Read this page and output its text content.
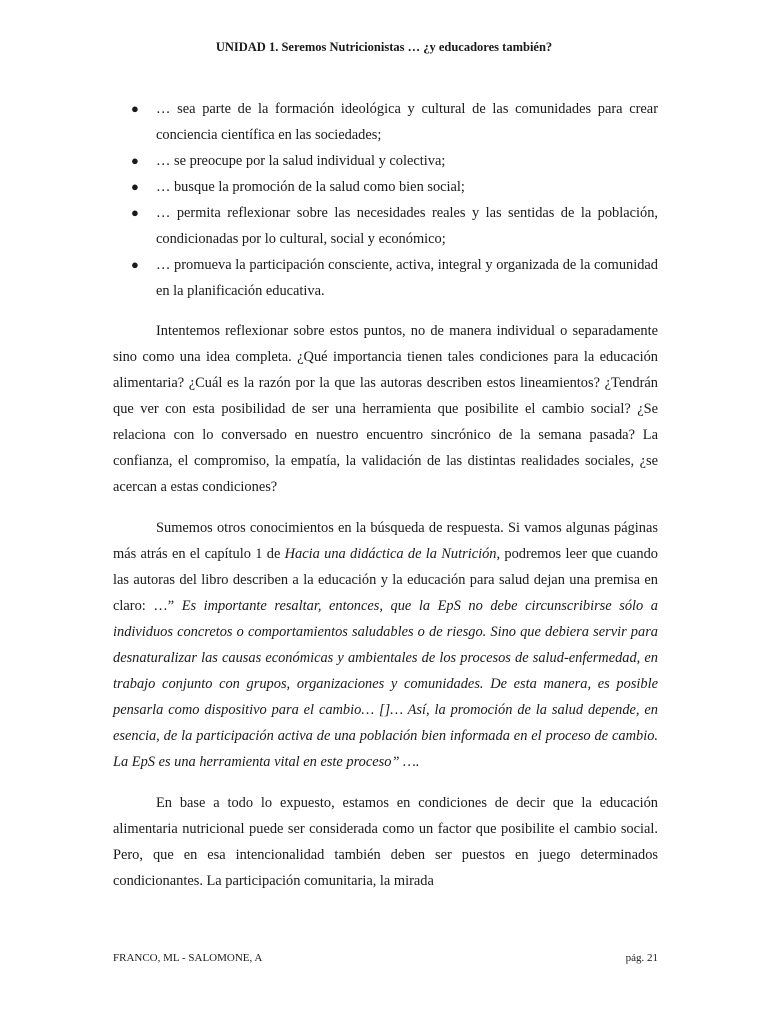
UNIDAD 1. Seremos Nutricionistas … ¿y educadores también?
● … sea parte de la formación ideológica y cultural de las comunidades para crear conciencia científica en las sociedades;
● … se preocupe por la salud individual y colectiva;
● … busque la promoción de la salud como bien social;
● … permita reflexionar sobre las necesidades reales y las sentidas de la población, condicionadas por lo cultural, social y económico;
● … promueva la participación consciente, activa, integral y organizada de la comunidad en la planificación educativa.

Intentemos reflexionar sobre estos puntos, no de manera individual o separadamente sino como una idea completa. ¿Qué importancia tienen tales condiciones para la educación alimentaria? ¿Cuál es la razón por la que las autoras describen estos lineamientos? ¿Tendrán que ver con esta posibilidad de ser una herramienta que posibilite el cambio social? ¿Se relaciona con lo conversado en nuestro encuentro sincrónico de la semana pasada? La confianza, el compromiso, la empatía, la validación de las distintas realidades sociales, ¿se acercan a estas condiciones?

Sumemos otros conocimientos en la búsqueda de respuesta. Si vamos algunas páginas más atrás en el capítulo 1 de Hacia una didáctica de la Nutrición, podremos leer que cuando las autoras del libro describen a la educación y la educación para salud dejan una premisa en claro: …” Es importante resaltar, entonces, que la EpS no debe circunscribirse sólo a individuos concretos o comportamientos saludables o de riesgo. Sino que debiera servir para desnaturalizar las causas económicas y ambientales de los procesos de salud-enfermedad, en trabajo conjunto con grupos, organizaciones y comunidades. De esta manera, es posible pensarla como dispositivo para el cambio… []… Así, la promoción de la salud depende, en esencia, de la participación activa de una población bien informada en el proceso de cambio. La EpS es una herramienta vital en este proceso” ….

En base a todo lo expuesto, estamos en condiciones de decir que la educación alimentaria nutricional puede ser considerada como un factor que posibilite el cambio social. Pero, que en esa intencionalidad también deben ser puestos en juego determinados condicionantes. La participación comunitaria, la mirada

FRANCO, ML - SALOMONE, A	pág. 21
